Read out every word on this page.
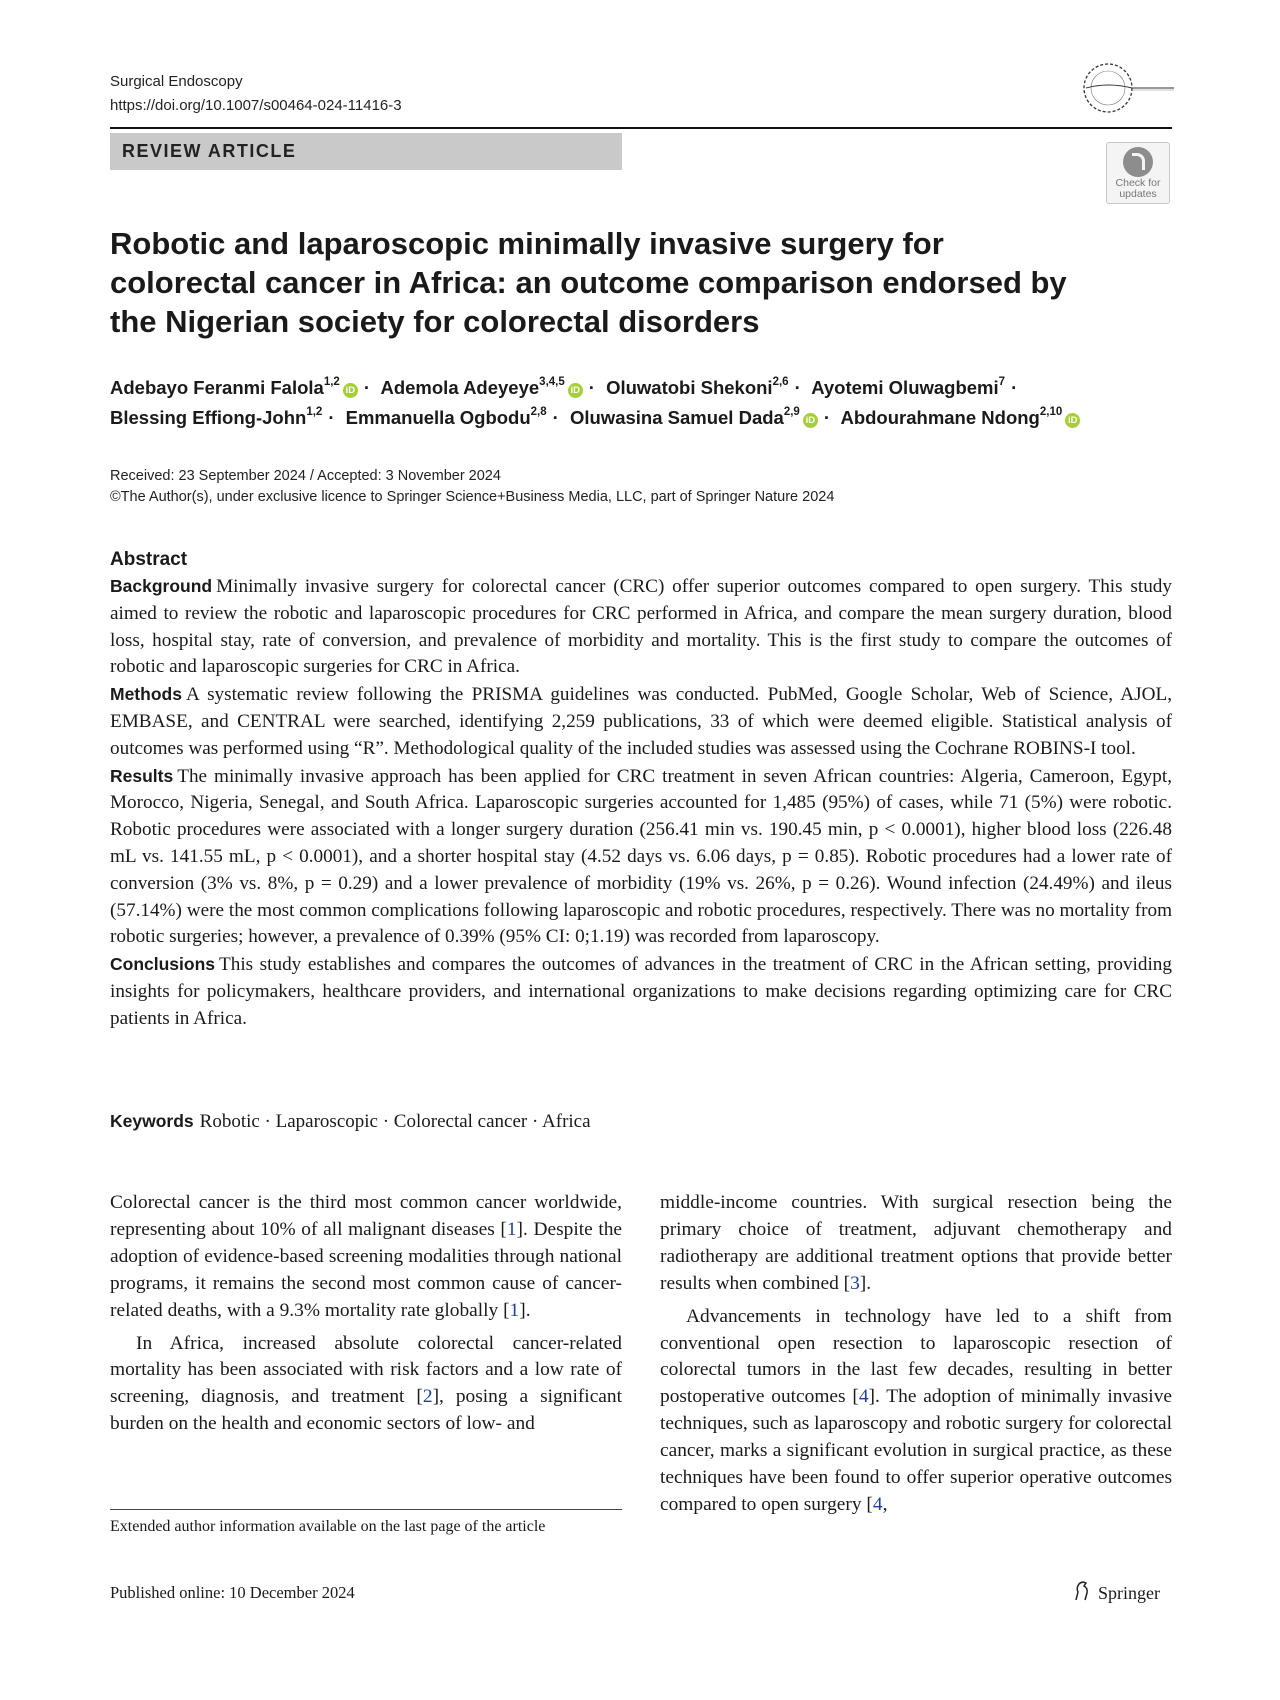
Surgical Endoscopy
https://doi.org/10.1007/s00464-024-11416-3
REVIEW ARTICLE
Check for
updates
Robotic and laparoscopic minimally invasive surgery for colorectal cancer in Africa: an outcome comparison endorsed by the Nigerian society for colorectal disorders
Adebayo Feranmi Falola$^{1,2}$iD · Ademola Adeyeye$^{3,4,5}$iD · Oluwatobi Shekoni$^{2,6}$ · Ayotemi Oluwagbemi$^7$ ·
Blessing Effiong-John$^{1,2}$ · Emmanuella Ogbodu$^{2,8}$ · Oluwasina Samuel Dada$^{2,9}$iD · Abdourahmane Ndong$^{2,10}$iD
Received: 23 September 2024 / Accepted: 3 November 2024
©The Author(s), under exclusive licence to Springer Science+Business Media, LLC, part of Springer Nature 2024
Abstract

Background Minimally invasive surgery for colorectal cancer (CRC) offer superior outcomes compared to open surgery. This study aimed to review the robotic and laparoscopic procedures for CRC performed in Africa, and compare the mean surgery duration, blood loss, hospital stay, rate of conversion, and prevalence of morbidity and mortality. This is the first study to compare the outcomes of robotic and laparoscopic surgeries for CRC in Africa.

Methods A systematic review following the PRISMA guidelines was conducted. PubMed, Google Scholar, Web of Science, AJOL, EMBASE, and CENTRAL were searched, identifying 2,259 publications, 33 of which were deemed eligible. Statistical analysis of outcomes was performed using “R”. Methodological quality of the included studies was assessed using the Cochrane ROBINS-I tool.

Results The minimally invasive approach has been applied for CRC treatment in seven African countries: Algeria, Cameroon, Egypt, Morocco, Nigeria, Senegal, and South Africa. Laparoscopic surgeries accounted for 1,485 (95%) of cases, while 71 (5%) were robotic. Robotic procedures were associated with a longer surgery duration (256.41 min vs. 190.45 min, p < 0.0001), higher blood loss (226.48 mL vs. 141.55 mL, p < 0.0001), and a shorter hospital stay (4.52 days vs. 6.06 days, p = 0.85). Robotic procedures had a lower rate of conversion (3% vs. 8%, p = 0.29) and a lower prevalence of morbidity (19% vs. 26%, p = 0.26). Wound infection (24.49%) and ileus (57.14%) were the most common complications following laparoscopic and robotic procedures, respectively. There was no mortality from robotic surgeries; however, a prevalence of 0.39% (95% CI: 0;1.19) was recorded from laparoscopy.

Conclusions This study establishes and compares the outcomes of advances in the treatment of CRC in the African setting, providing insights for policymakers, healthcare providers, and international organizations to make decisions regarding optimizing care for CRC patients in Africa.

Keywords Robotic · Laparoscopic · Colorectal cancer · Africa

Colorectal cancer is the third most common cancer worldwide, representing about 10% of all malignant diseases [1]. Despite the adoption of evidence-based screening modalities through national programs, it remains the second most common cause of cancer-related deaths, with a 9.3% mortality rate globally [1].

In Africa, increased absolute colorectal cancer-related mortality has been associated with risk factors and a low rate of screening, diagnosis, and treatment [2], posing a significant burden on the health and economic sectors of low- and

middle-income countries. With surgical resection being the primary choice of treatment, adjuvant chemotherapy and radiotherapy are additional treatment options that provide better results when combined [3].

Advancements in technology have led to a shift from conventional open resection to laparoscopic resection of colorectal tumors in the last few decades, resulting in better postoperative outcomes [4]. The adoption of minimally invasive techniques, such as laparoscopy and robotic surgery for colorectal cancer, marks a significant evolution in surgical practice, as these techniques have been found to offer superior operative outcomes compared to open surgery [4,

Extended author information available on the last page of the article
Published online: 10 December 2024	Springer
